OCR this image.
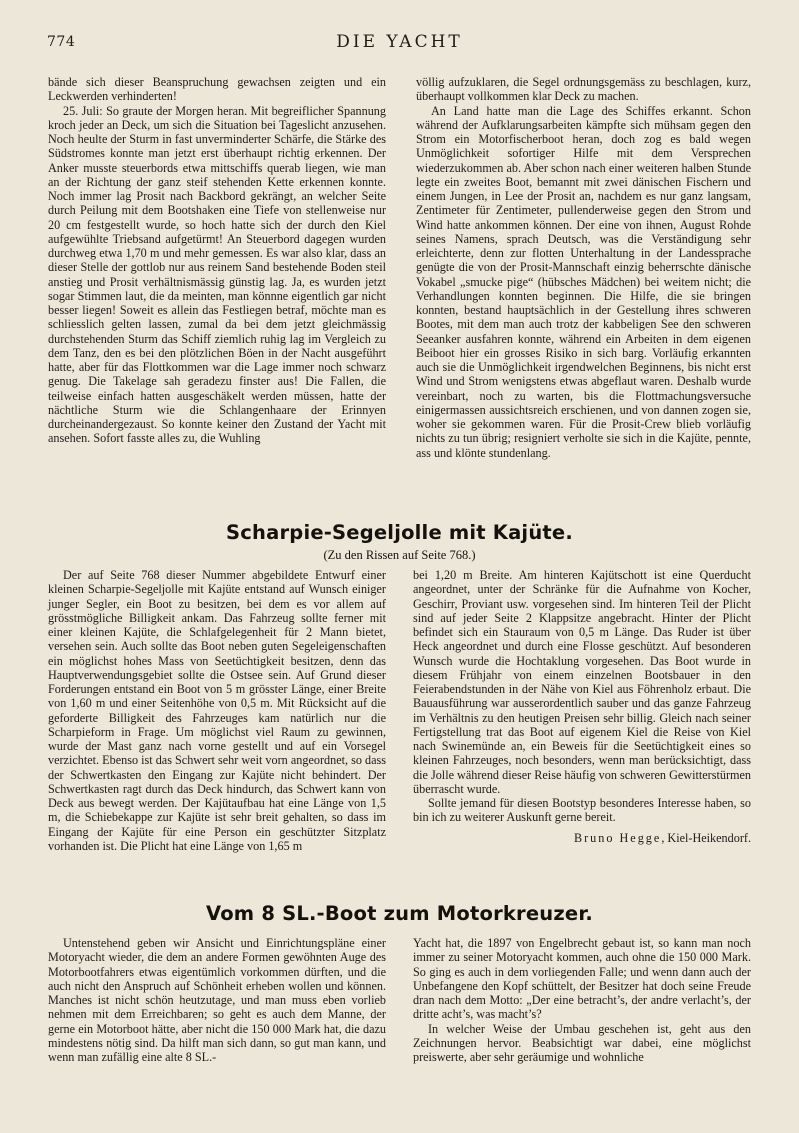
774	DIE YACHT

bände sich dieser Beanspruchung gewachsen zeigten und ein Leckwerden verhinderten!

25. Juli: So graute der Morgen heran. Mit begreiflicher Spannung kroch jeder an Deck, um sich die Situation bei Tageslicht anzusehen. Noch heulte der Sturm in fast unverminderter Schärfe, die Stärke des Südstromes konnte man jetzt erst überhaupt richtig erkennen. Der Anker musste steuerbords etwa mittschiffs querab liegen, wie man an der Richtung der ganz steif stehenden Kette erkennen konnte. Noch immer lag Prosit nach Backbord gekrängt, an welcher Seite durch Peilung mit dem Bootshaken eine Tiefe von stellenweise nur 20 cm festgestellt wurde, so hoch hatte sich der durch den Kiel aufgewühlte Triebsand aufgetürmt! An Steuerbord dagegen wurden durchweg etwa 1,70 m und mehr gemessen. Es war also klar, dass an dieser Stelle der gottlob nur aus reinem Sand bestehende Boden steil anstieg und Prosit verhältnismässig günstig lag. Ja, es wurden jetzt sogar Stimmen laut, die da meinten, man könnne eigentlich gar nicht besser liegen! Soweit es allein das Festliegen betraf, möchte man es schliesslich gelten lassen, zumal da bei dem jetzt gleichmässig durchstehenden Sturm das Schiff ziemlich ruhig lag im Vergleich zu dem Tanz, den es bei den plötzlichen Böen in der Nacht ausgeführt hatte, aber für das Flottkommen war die Lage immer noch schwarz genug. Die Takelage sah geradezu finster aus! Die Fallen, die teilweise einfach hatten ausgeschäkelt werden müssen, hatte der nächtliche Sturm wie die Schlangenhaare der Erinnyen durcheinandergezaust. So konnte keiner den Zustand der Yacht mit ansehen. Sofort fasste alles zu, die Wuhling

völlig aufzuklaren, die Segel ordnungsgemäss zu beschlagen, kurz, überhaupt vollkommen klar Deck zu machen.

An Land hatte man die Lage des Schiffes erkannt. Schon während der Aufklarungsarbeiten kämpfte sich mühsam gegen den Strom ein Motorfischerboot heran, doch zog es bald wegen Unmöglichkeit sofortiger Hilfe mit dem Versprechen wiederzukommen ab. Aber schon nach einer weiteren halben Stunde legte ein zweites Boot, bemannt mit zwei dänischen Fischern und einem Jungen, in Lee der Prosit an, nachdem es nur ganz langsam, Zentimeter für Zentimeter, pullenderweise gegen den Strom und Wind hatte ankommen können. Der eine von ihnen, August Rohde seines Namens, sprach Deutsch, was die Verständigung sehr erleichterte, denn zur flotten Unterhaltung in der Landessprache genügte die von der Prosit-Mannschaft einzig beherrschte dänische Vokabel „smucke pige“ (hübsches Mädchen) bei weitem nicht; die Verhandlungen konnten beginnen. Die Hilfe, die sie bringen konnten, bestand hauptsächlich in der Gestellung ihres schweren Bootes, mit dem man auch trotz der kabbeligen See den schweren Seeanker ausfahren konnte, während ein Arbeiten in dem eigenen Beiboot hier ein grosses Risiko in sich barg. Vorläufig erkannten auch sie die Unmöglichkeit irgendwelchen Beginnens, bis nicht erst Wind und Strom wenigstens etwas abgeflaut waren. Deshalb wurde vereinbart, noch zu warten, bis die Flottmachungsversuche einigermassen aussichtsreich erschienen, und von dannen zogen sie, woher sie gekommen waren. Für die Prosit-Crew blieb vorläufig nichts zu tun übrig; resigniert verholte sie sich in die Kajüte, pennte, ass und klönte stundenlang.

Scharpie-Segeljolle mit Kajüte.
(Zu den Rissen auf Seite 768.)

Der auf Seite 768 dieser Nummer abgebildete Entwurf einer kleinen Scharpie-Segeljolle mit Kajüte entstand auf Wunsch einiger junger Segler, ein Boot zu besitzen, bei dem es vor allem auf grösstmögliche Billigkeit ankam. Das Fahrzeug sollte ferner mit einer kleinen Kajüte, die Schlafgelegenheit für 2 Mann bietet, versehen sein. Auch sollte das Boot neben guten Segeleigenschaften ein möglichst hohes Mass von Seetüchtigkeit besitzen, denn das Hauptverwendungsgebiet sollte die Ostsee sein. Auf Grund dieser Forderungen entstand ein Boot von 5 m grösster Länge, einer Breite von 1,60 m und einer Seitenhöhe von 0,5 m. Mit Rücksicht auf die geforderte Billigkeit des Fahrzeuges kam natürlich nur die Scharpieform in Frage. Um möglichst viel Raum zu gewinnen, wurde der Mast ganz nach vorne gestellt und auf ein Vorsegel verzichtet. Ebenso ist das Schwert sehr weit vorn angeordnet, so dass der Schwertkasten den Eingang zur Kajüte nicht behindert. Der Schwertkasten ragt durch das Deck hindurch, das Schwert kann von Deck aus bewegt werden. Der Kajütaufbau hat eine Länge von 1,5 m, die Schiebekappe zur Kajüte ist sehr breit gehalten, so dass im Eingang der Kajüte für eine Person ein geschützter Sitzplatz vorhanden ist. Die Plicht hat eine Länge von 1,65 m

bei 1,20 m Breite. Am hinteren Kajütschott ist eine Querducht angeordnet, unter der Schränke für die Aufnahme von Kocher, Geschirr, Proviant usw. vorgesehen sind. Im hinteren Teil der Plicht sind auf jeder Seite 2 Klappsitze angebracht. Hinter der Plicht befindet sich ein Stauraum von 0,5 m Länge. Das Ruder ist über Heck angeordnet und durch eine Flosse geschützt. Auf besonderen Wunsch wurde die Hochtaklung vorgesehen. Das Boot wurde in diesem Frühjahr von einem einzelnen Bootsbauer in den Feierabendstunden in der Nähe von Kiel aus Föhrenholz erbaut. Die Bauausführung war ausserordentlich sauber und das ganze Fahrzeug im Verhältnis zu den heutigen Preisen sehr billig. Gleich nach seiner Fertigstellung trat das Boot auf eigenem Kiel die Reise von Kiel nach Swinemünde an, ein Beweis für die Seetüchtigkeit eines so kleinen Fahrzeuges, noch besonders, wenn man berücksichtigt, dass die Jolle während dieser Reise häufig von schweren Gewitterstürmen überrascht wurde.

Sollte jemand für diesen Bootstyp besonderes Interesse haben, so bin ich zu weiterer Auskunft gerne bereit.

Bruno Hegge, Kiel-Heikendorf.

Vom 8 SL.-Boot zum Motorkreuzer.

Untenstehend geben wir Ansicht und Einrichtungspläne einer Motoryacht wieder, die dem an andere Formen gewöhnten Auge des Motorbootfahrers etwas eigentümlich vorkommen dürften, und die auch nicht den Anspruch auf Schönheit erheben wollen und können. Manches ist nicht schön heutzutage, und man muss eben vorlieb nehmen mit dem Erreichbaren; so geht es auch dem Manne, der gerne ein Motorboot hätte, aber nicht die 150 000 Mark hat, die dazu mindestens nötig sind. Da hilft man sich dann, so gut man kann, und wenn man zufällig eine alte 8 SL.-

Yacht hat, die 1897 von Engelbrecht gebaut ist, so kann man noch immer zu seiner Motoryacht kommen, auch ohne die 150 000 Mark. So ging es auch in dem vorliegenden Falle; und wenn dann auch der Unbefangene den Kopf schüttelt, der Besitzer hat doch seine Freude dran nach dem Motto: „Der eine betracht’s, der andre verlacht’s, der dritte acht’s, was macht’s?

In welcher Weise der Umbau geschehen ist, geht aus den Zeichnungen hervor. Beabsichtigt war dabei, eine möglichst preiswerte, aber sehr geräumige und wohnliche
